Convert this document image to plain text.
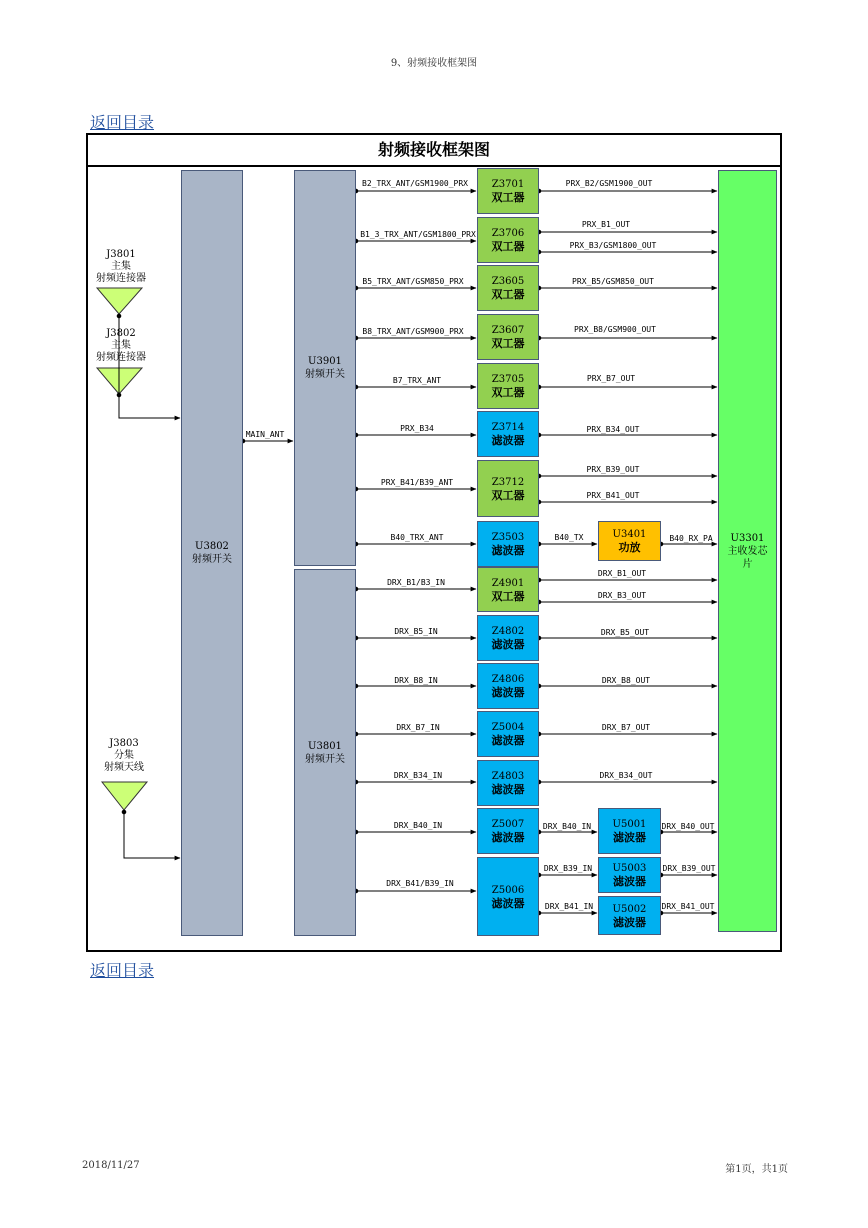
9、射频接收框架图
返回目录
射频接收框架图
J3801
主集
射频连接器
J3802
主集
射频连接器
J3803
分集
射频天线
U3802
射频开关
U3901
射频开关
U3801
射频开关
MAIN_ANT
U3301
主收发芯
片
Z3701
双工器
Z3706
双工器
Z3605
双工器
Z3607
双工器
Z3705
双工器
Z3714
滤波器
Z3712
双工器
Z3503
滤波器
Z4901
双工器
Z4802
滤波器
Z4806
滤波器
Z5004
滤波器
Z4803
滤波器
Z5007
滤波器
Z5006
滤波器
U3401
功放
U5001
滤波器
U5003
滤波器
U5002
滤波器
B2_TRX_ANT/GSM1900_PRX
B1_3_TRX_ANT/GSM1800_PRX
B5_TRX_ANT/GSM850_PRX
B8_TRX_ANT/GSM900_PRX
B7_TRX_ANT
PRX_B34
PRX_B41/B39_ANT
B40_TRX_ANT
DRX_B1/B3_IN
DRX_B5_IN
DRX_B8_IN
DRX_B7_IN
DRX_B34_IN
DRX_B40_IN
DRX_B41/B39_IN
PRX_B2/GSM1900_OUT
PRX_B1_OUT
PRX_B3/GSM1800_OUT
PRX_B5/GSM850_OUT
PRX_B8/GSM900_OUT
PRX_B7_OUT
PRX_B34_OUT
PRX_B39_OUT
PRX_B41_OUT
B40_TX	B40_RX_PA
DRX_B1_OUT
DRX_B3_OUT
DRX_B5_OUT
DRX_B8_OUT
DRX_B7_OUT
DRX_B34_OUT
DRX_B40_IN	DRX_B40_OUT
DRX_B39_IN	DRX_B39_OUT
DRX_B41_IN	DRX_B41_OUT
返回目录
2018/11/27	第1页，共1页
